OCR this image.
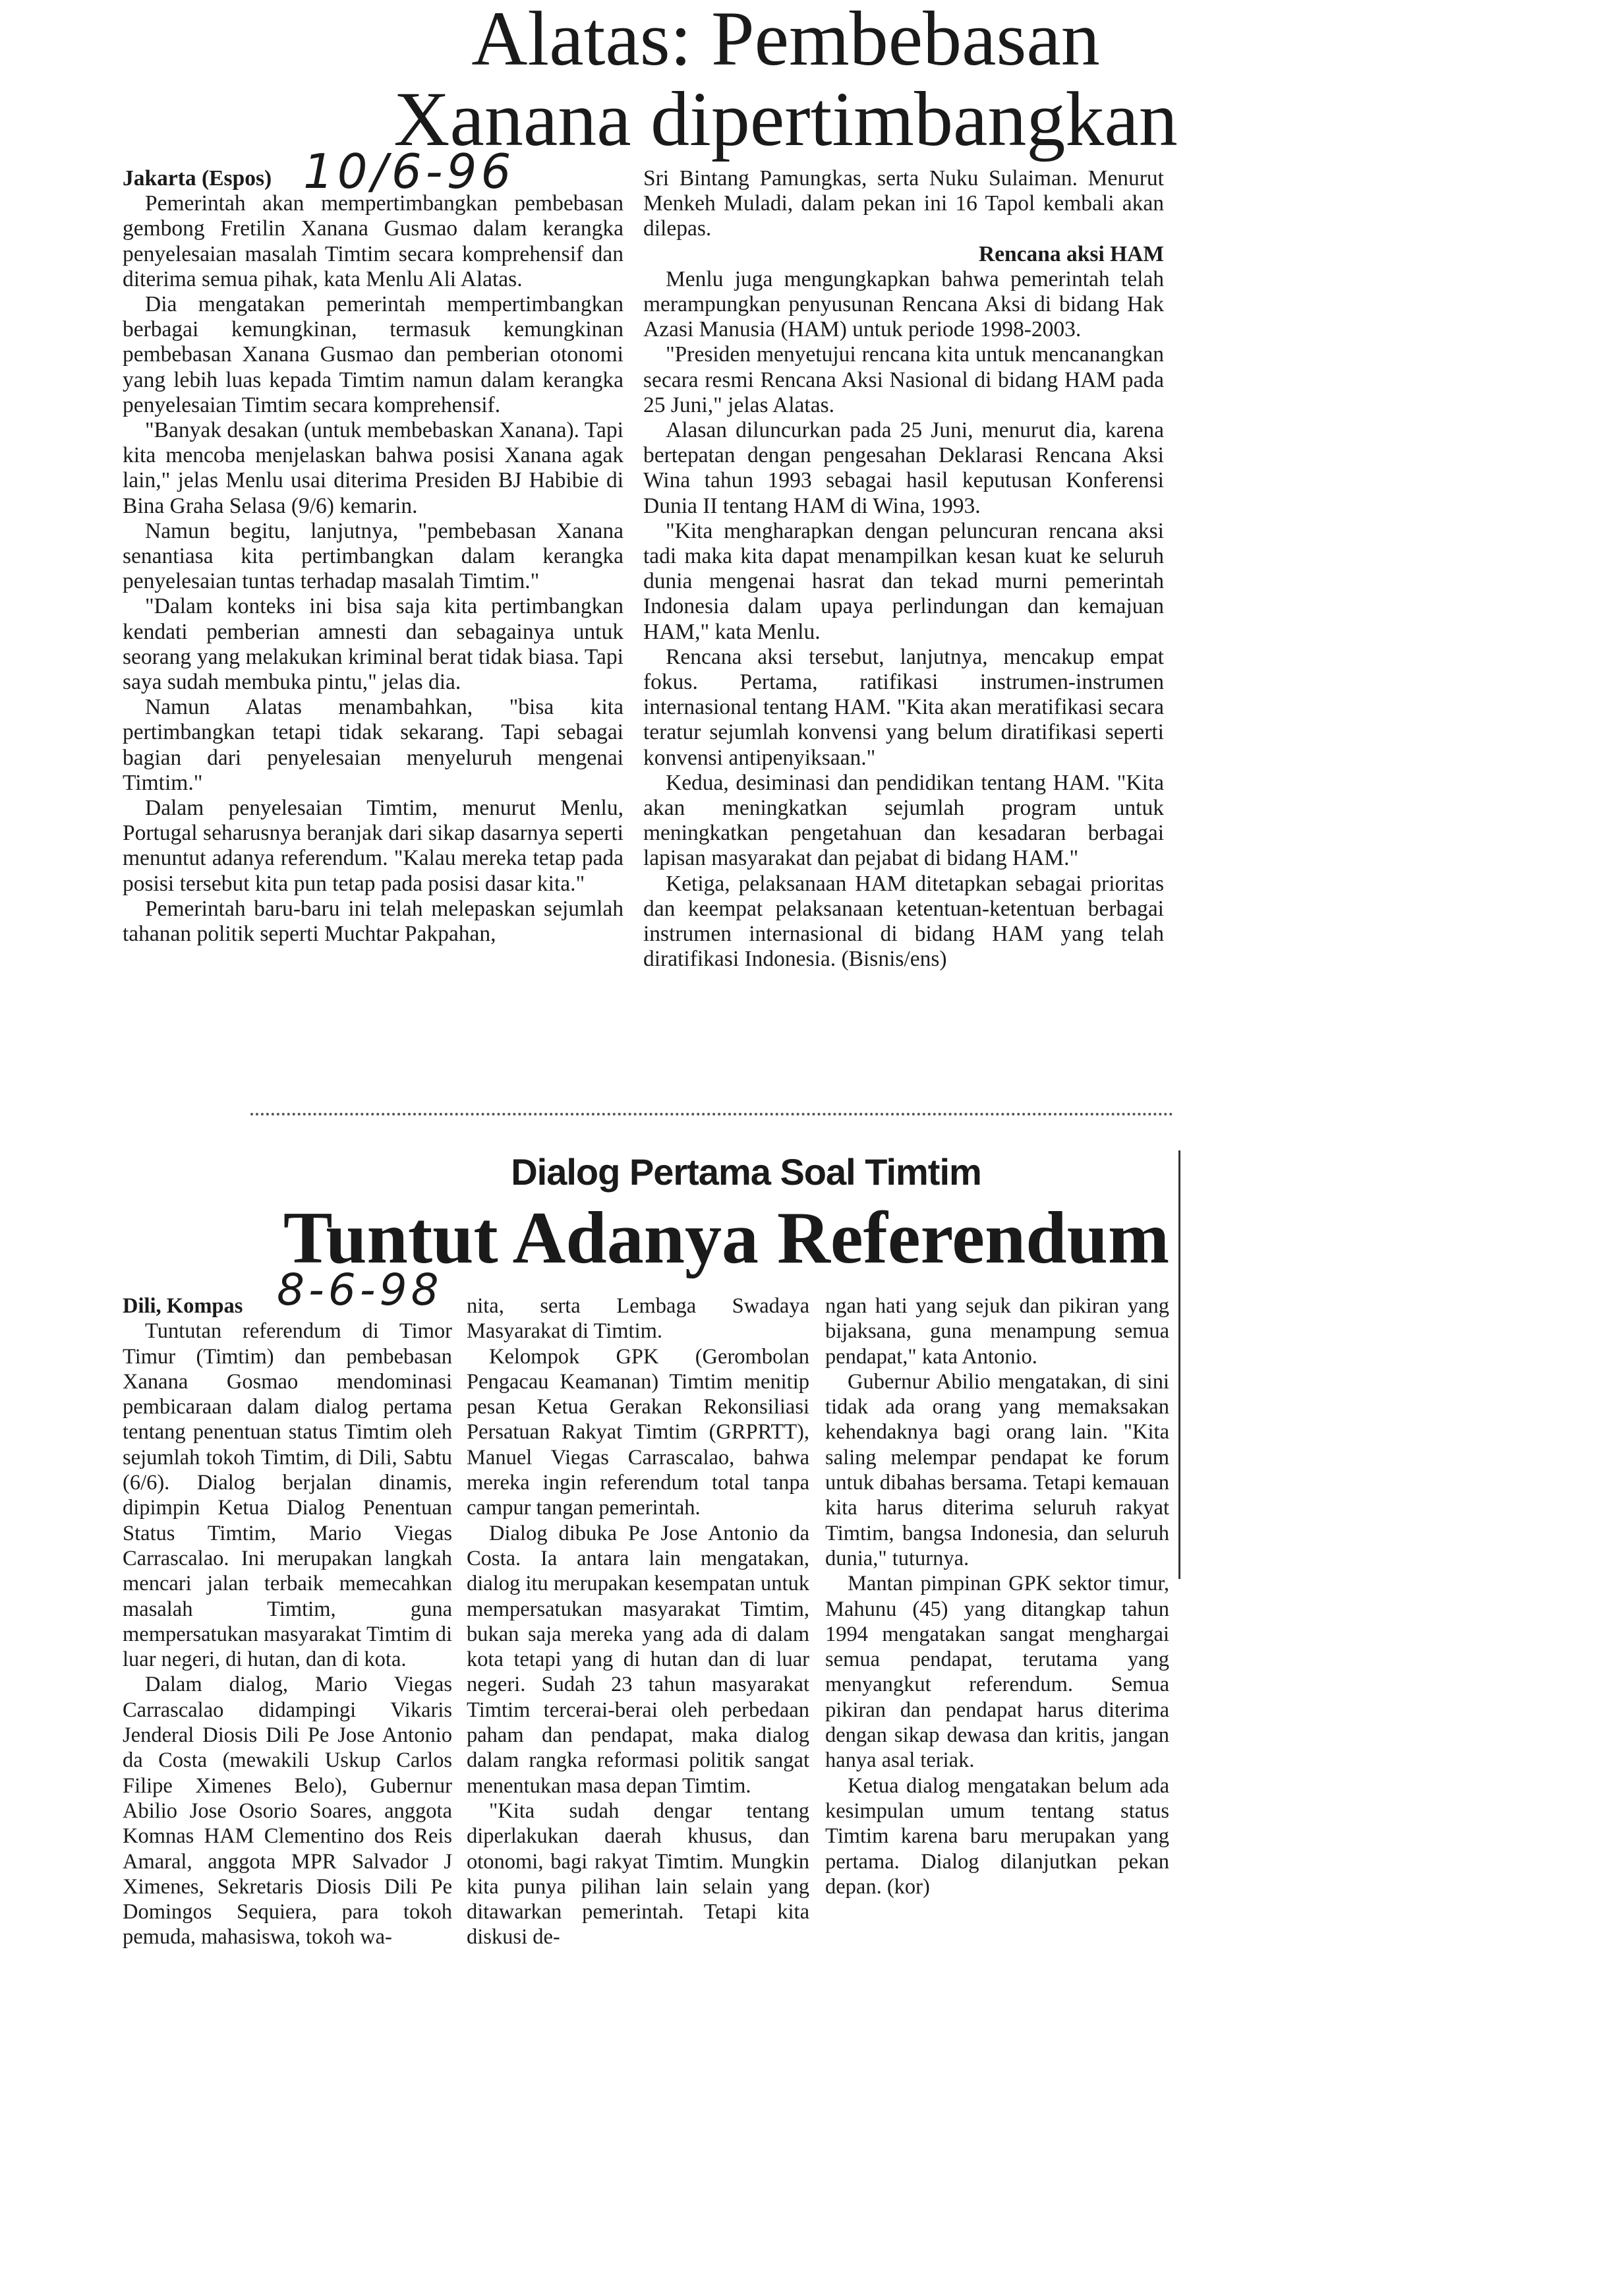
Alatas: Pembebasan
Xanana dipertimbangkan
10/6-96

Jakarta (Espos)

Pemerintah akan mempertimbangkan pembebasan gembong Fretilin Xanana Gusmao dalam kerangka penyelesaian masalah Timtim secara komprehensif dan diterima semua pihak, kata Menlu Ali Alatas.

Dia mengatakan pemerintah mempertimbangkan berbagai kemungkinan, termasuk kemungkinan pembebasan Xanana Gusmao dan pemberian otonomi yang lebih luas kepada Timtim namun dalam kerangka penyelesaian Timtim secara komprehensif.

"Banyak desakan (untuk membebaskan Xanana). Tapi kita mencoba menjelaskan bahwa posisi Xanana agak lain," jelas Menlu usai diterima Presiden BJ Habibie di Bina Graha Selasa (9/6) kemarin.

Namun begitu, lanjutnya, "pembebasan Xanana senantiasa kita pertimbangkan dalam kerangka penyelesaian tuntas terhadap masalah Timtim."

"Dalam konteks ini bisa saja kita pertimbangkan kendati pemberian amnesti dan sebagainya untuk seorang yang melakukan kriminal berat tidak biasa. Tapi saya sudah membuka pintu," jelas dia.

Namun Alatas menambahkan, "bisa kita pertimbangkan tetapi tidak sekarang. Tapi sebagai bagian dari penyelesaian menyeluruh mengenai Timtim."

Dalam penyelesaian Timtim, menurut Menlu, Portugal seharusnya beranjak dari sikap dasarnya seperti menuntut adanya referendum. "Kalau mereka tetap pada posisi tersebut kita pun tetap pada posisi dasar kita."

Pemerintah baru-baru ini telah melepaskan sejumlah tahanan politik seperti Muchtar Pakpahan,

Sri Bintang Pamungkas, serta Nuku Sulaiman. Menurut Menkeh Muladi, dalam pekan ini 16 Tapol kembali akan dilepas.

Rencana aksi HAM

Menlu juga mengungkapkan bahwa pemerintah telah merampungkan penyusunan Rencana Aksi di bidang Hak Azasi Manusia (HAM) untuk periode 1998-2003.

"Presiden menyetujui rencana kita untuk mencanangkan secara resmi Rencana Aksi Nasional di bidang HAM pada 25 Juni," jelas Alatas.

Alasan diluncurkan pada 25 Juni, menurut dia, karena bertepatan dengan pengesahan Deklarasi Rencana Aksi Wina tahun 1993 sebagai hasil keputusan Konferensi Dunia II tentang HAM di Wina, 1993.

"Kita mengharapkan dengan peluncuran rencana aksi tadi maka kita dapat menampilkan kesan kuat ke seluruh dunia mengenai hasrat dan tekad murni pemerintah Indonesia dalam upaya perlindungan dan kemajuan HAM," kata Menlu.

Rencana aksi tersebut, lanjutnya, mencakup empat fokus. Pertama, ratifikasi instrumen-instrumen internasional tentang HAM. "Kita akan meratifikasi secara teratur sejumlah konvensi yang belum diratifikasi seperti konvensi antipenyiksaan."

Kedua, desiminasi dan pendidikan tentang HAM. "Kita akan meningkatkan sejumlah program untuk meningkatkan pengetahuan dan kesadaran berbagai lapisan masyarakat dan pejabat di bidang HAM."

Ketiga, pelaksanaan HAM ditetapkan sebagai prioritas dan keempat pelaksanaan ketentuan-ketentuan berbagai instrumen internasional di bidang HAM yang telah diratifikasi Indonesia. (Bisnis/ens)

Dialog Pertama Soal Timtim
Tuntut Adanya Referendum

Dili, Kompas

Tuntutan referendum di Timor Timur (Timtim) dan pembebasan Xanana Gosmao mendominasi pembicaraan dalam dialog pertama tentang penentuan status Timtim oleh sejumlah tokoh Timtim, di Dili, Sabtu (6/6). Dialog berjalan dinamis, dipimpin Ketua Dialog Penentuan Status Timtim, Mario Viegas Carrascalao. Ini merupakan langkah mencari jalan terbaik memecahkan masalah Timtim, guna mempersatukan masyarakat Timtim di luar negeri, di hutan, dan di kota.

Dalam dialog, Mario Viegas Carrascalao didampingi Vikaris Jenderal Diosis Dili Pe Jose Antonio da Costa (mewakili Uskup Carlos Filipe Ximenes Belo), Gubernur Abilio Jose Osorio Soares, anggota Komnas HAM Clementino dos Reis Amaral, anggota MPR Salvador J Ximenes, Sekretaris Diosis Dili Pe Domingos Sequiera, para tokoh pemuda, mahasiswa, tokoh wa-

8-6-98 nita, serta Lembaga Swadaya Masyarakat di Timtim.

Kelompok GPK (Gerombolan Pengacau Keamanan) Timtim menitip pesan Ketua Gerakan Rekonsiliasi Persatuan Rakyat Timtim (GRPRTT), Manuel Viegas Carrascalao, bahwa mereka ingin referendum total tanpa campur tangan pemerintah.

Dialog dibuka Pe Jose Antonio da Costa. Ia antara lain mengatakan, dialog itu merupakan kesempatan untuk mempersatukan masyarakat Timtim, bukan saja mereka yang ada di dalam kota tetapi yang di hutan dan di luar negeri. Sudah 23 tahun masyarakat Timtim tercerai-berai oleh perbedaan paham dan pendapat, maka dialog dalam rangka reformasi politik sangat menentukan masa depan Timtim.

"Kita sudah dengar tentang diperlakukan daerah khusus, dan otonomi, bagi rakyat Timtim. Mungkin kita punya pilihan lain selain yang ditawarkan pemerintah. Tetapi kita diskusi de-

ngan hati yang sejuk dan pikiran yang bijaksana, guna menampung semua pendapat," kata Antonio.

Gubernur Abilio mengatakan, di sini tidak ada orang yang memaksakan kehendaknya bagi orang lain. "Kita saling melempar pendapat ke forum untuk dibahas bersama. Tetapi kemauan kita harus diterima seluruh rakyat Timtim, bangsa Indonesia, dan seluruh dunia," tuturnya.

Mantan pimpinan GPK sektor timur, Mahunu (45) yang ditangkap tahun 1994 mengatakan sangat menghargai semua pendapat, terutama yang menyangkut referendum. Semua pikiran dan pendapat harus diterima dengan sikap dewasa dan kritis, jangan hanya asal teriak.

Ketua dialog mengatakan belum ada kesimpulan umum tentang status Timtim karena baru merupakan yang pertama. Dialog dilanjutkan pekan depan. (kor)
